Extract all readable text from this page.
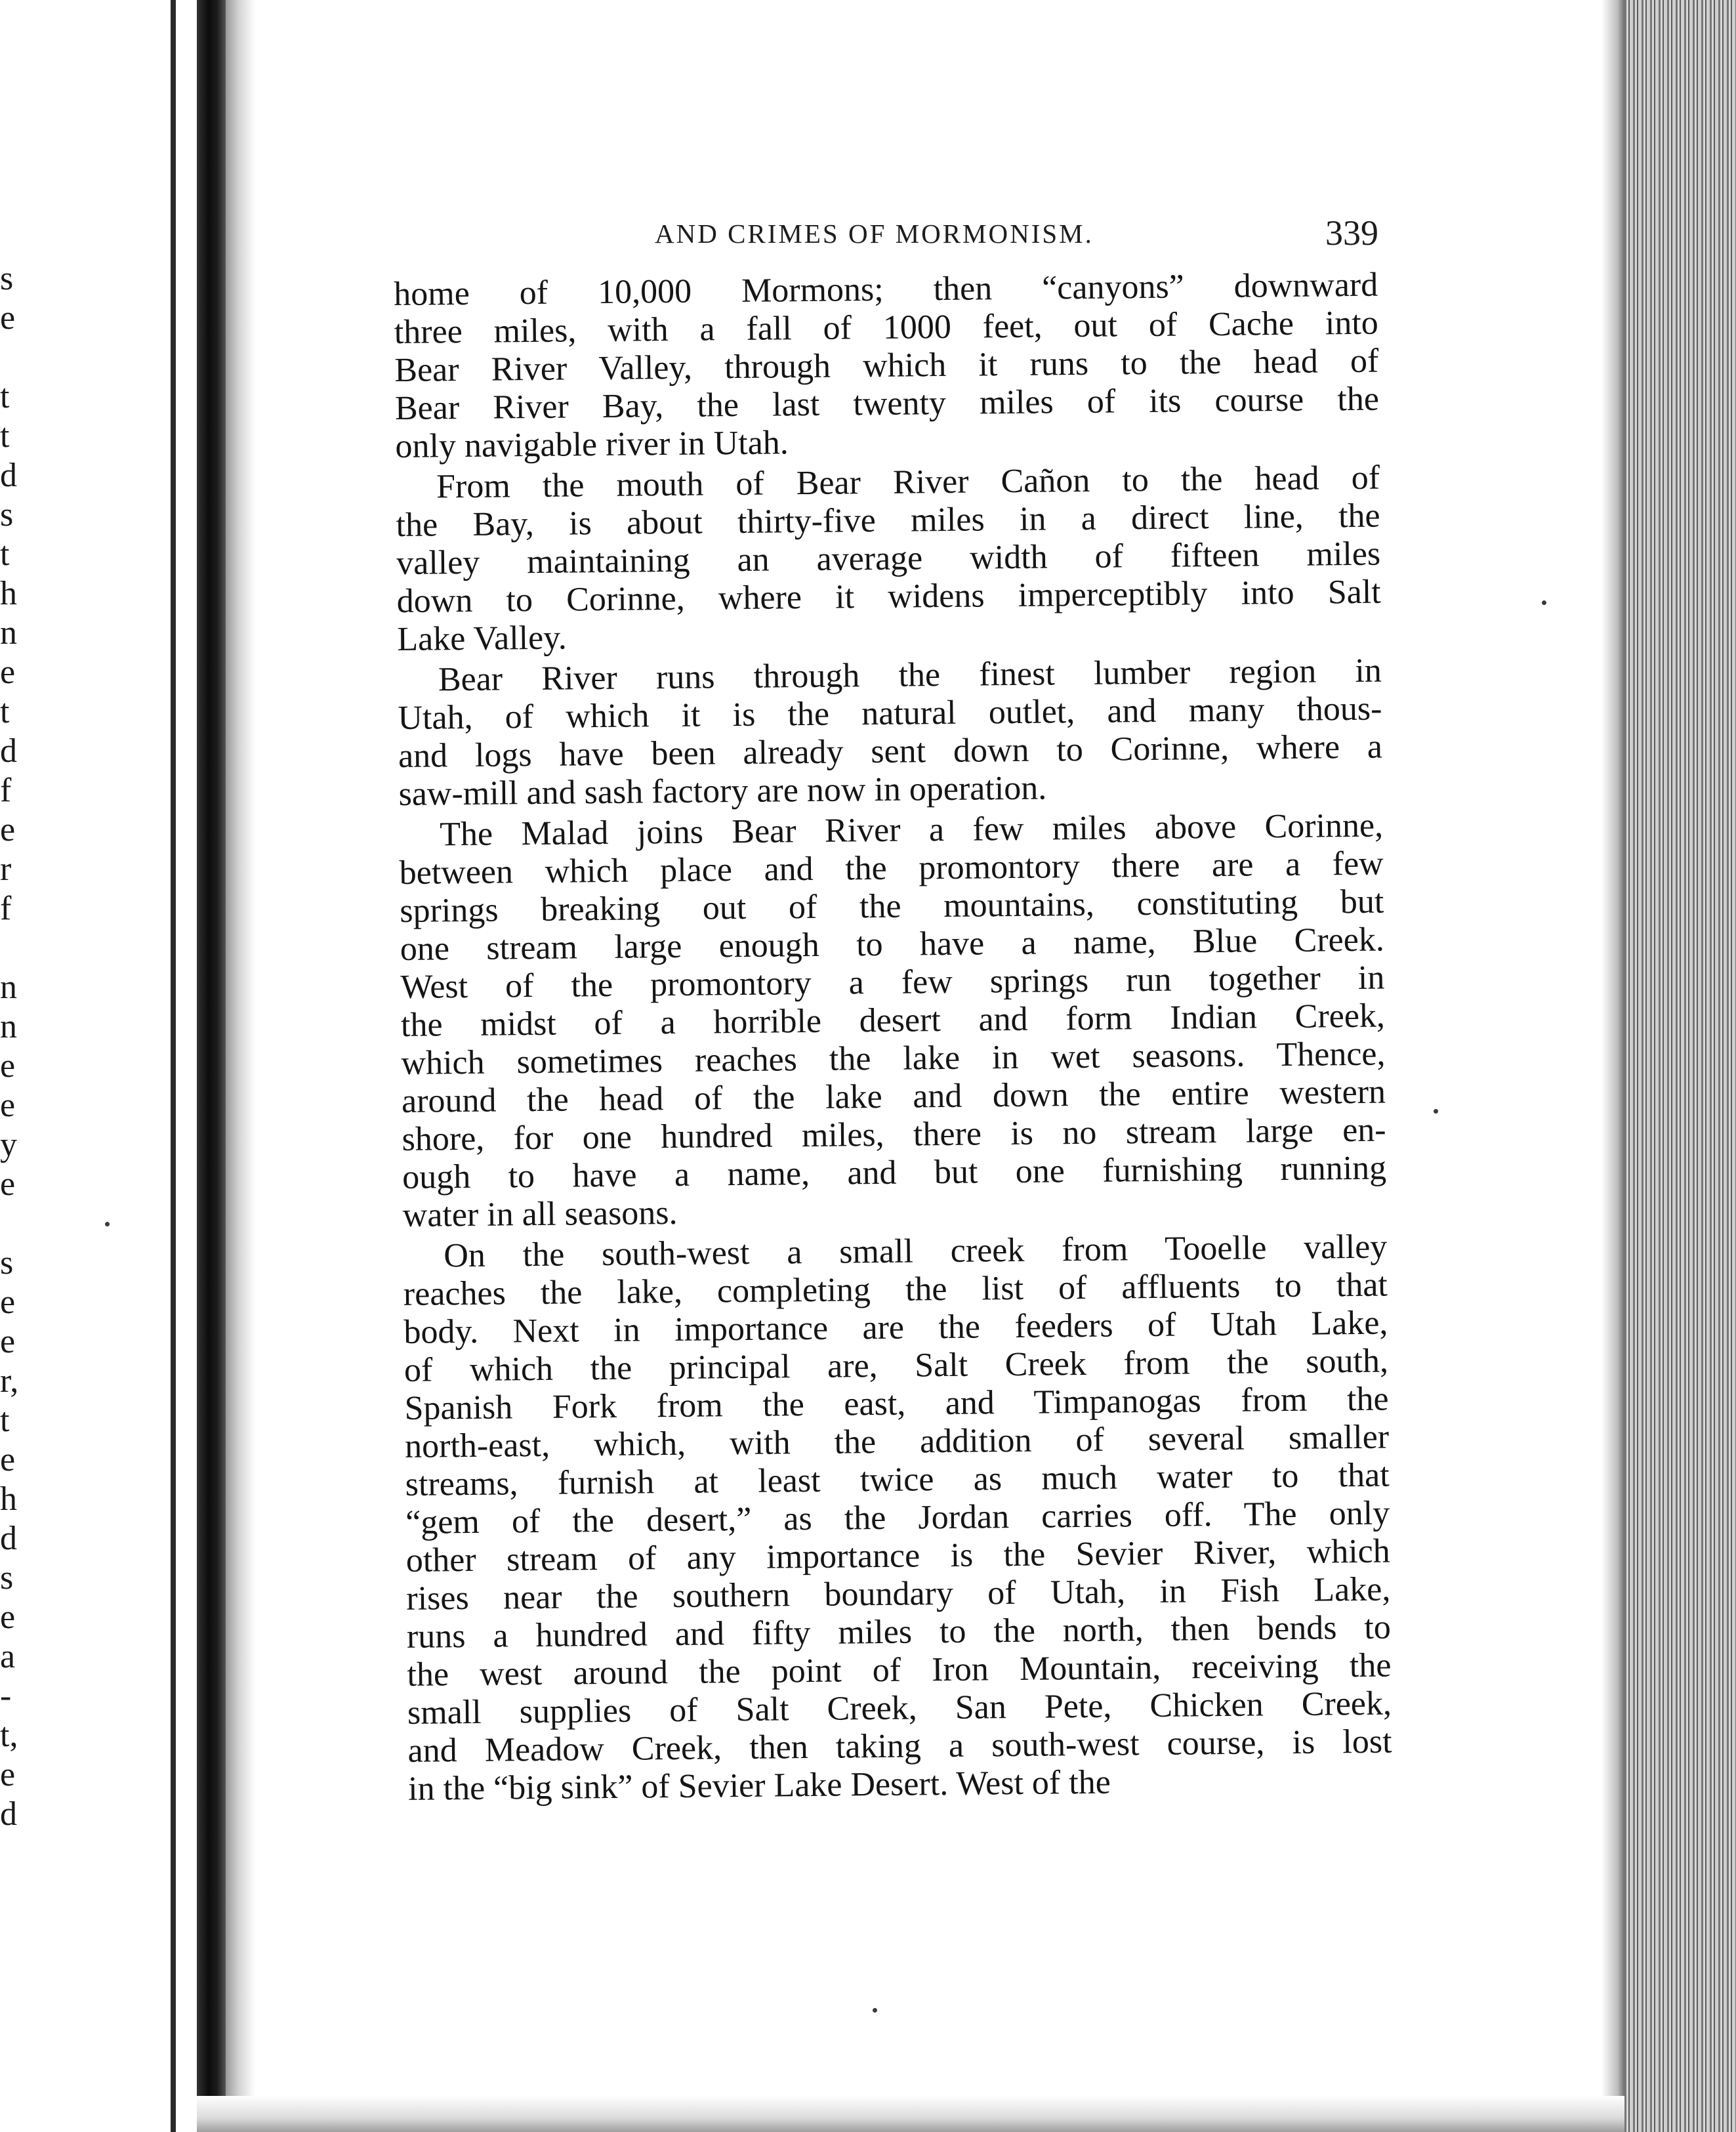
s
e
t
t
d
s
t
h
n
e
t
d
f
e
r
f
n
n
e
e
y
e
s
e
e
r,
t
e
h
d
s
e
a
-
t,
e
d
AND CRIMES OF MORMONISM.	339
home of 10,000 Mormons; then “canyons” downward
three miles, with a fall of 1000 feet, out of Cache into
Bear River Valley, through which it runs to the head of
Bear River Bay, the last twenty miles of its course the
only navigable river in Utah.
From the mouth of Bear River Cañon to the head of
the Bay, is about thirty-five miles in a direct line, the
valley maintaining an average width of fifteen miles
down to Corinne, where it widens imperceptibly into Salt
Lake Valley.
Bear River runs through the finest lumber region in
Utah, of which it is the natural outlet, and many thous-
and logs have been already sent down to Corinne, where a
saw-mill and sash factory are now in operation.
The Malad joins Bear River a few miles above Corinne,
between which place and the promontory there are a few
springs breaking out of the mountains, constituting but
one stream large enough to have a name, Blue Creek.
West of the promontory a few springs run together in
the midst of a horrible desert and form Indian Creek,
which sometimes reaches the lake in wet seasons. Thence,
around the head of the lake and down the entire western
shore, for one hundred miles, there is no stream large en-
ough to have a name, and but one furnishing running
water in all seasons.
On the south-west a small creek from Tooelle valley
reaches the lake, completing the list of affluents to that
body. Next in importance are the feeders of Utah Lake,
of which the principal are, Salt Creek from the south,
Spanish Fork from the east, and Timpanogas from the
north-east, which, with the addition of several smaller
streams, furnish at least twice as much water to that
“gem of the desert,” as the Jordan carries off. The only
other stream of any importance is the Sevier River, which
rises near the southern boundary of Utah, in Fish Lake,
runs a hundred and fifty miles to the north, then bends to
the west around the point of Iron Mountain, receiving the
small supplies of Salt Creek, San Pete, Chicken Creek,
and Meadow Creek, then taking a south-west course, is lost
in the “big sink” of Sevier Lake Desert. West of the
